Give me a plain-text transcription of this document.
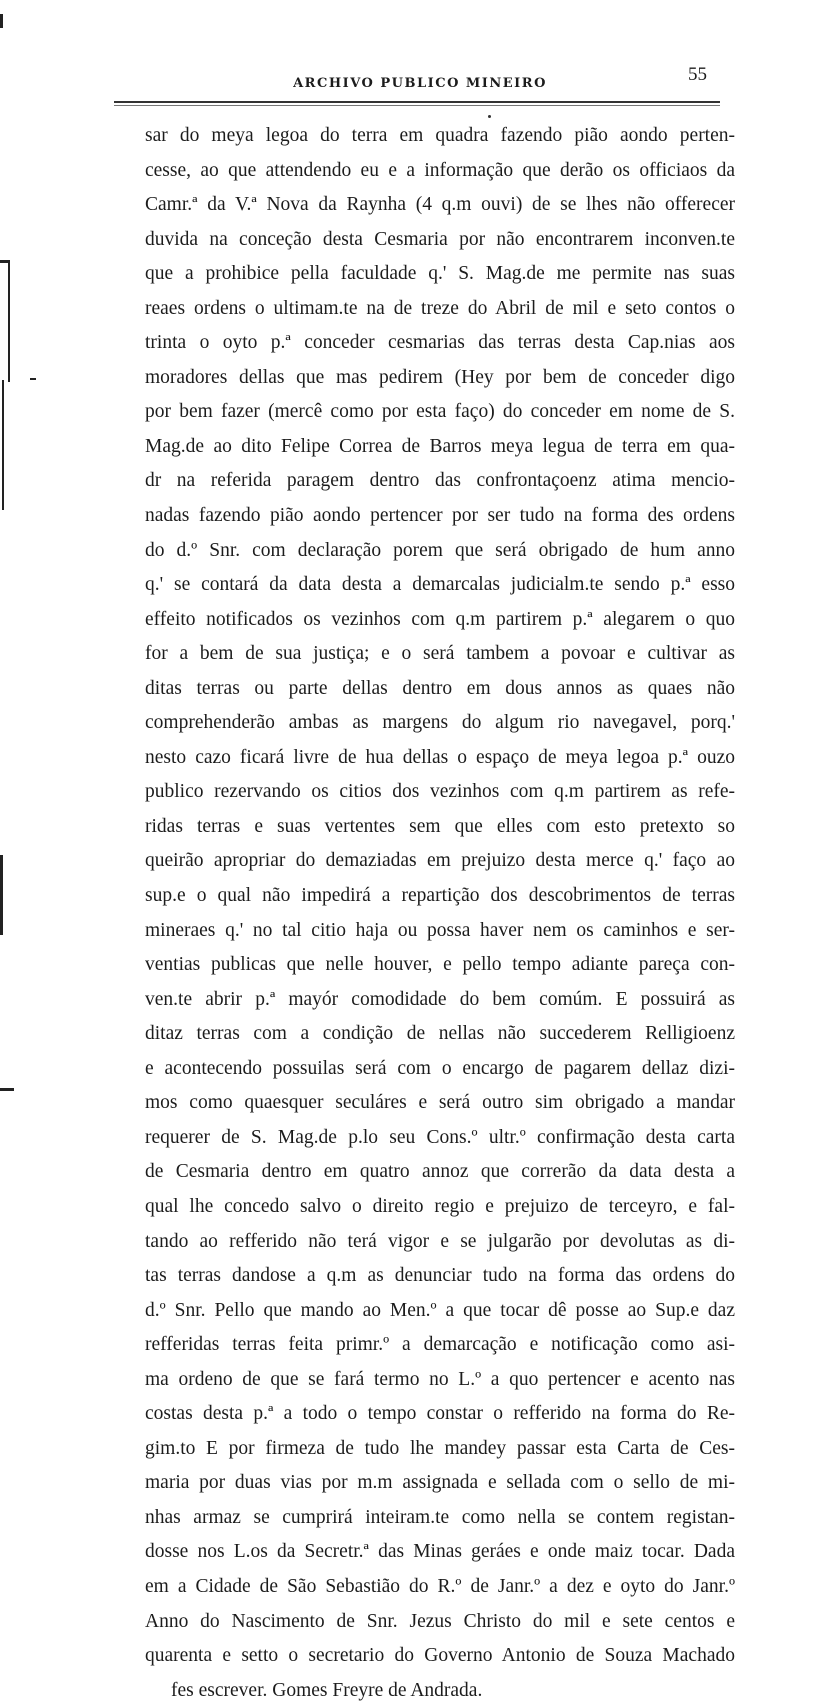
ARCHIVO PUBLICO MINEIRO	55
sar do meya legoa do terra em quadra fazendo pião aondo perten-
cesse, ao que attendendo eu e a informação que derão os officiaos da
Camr.ª da V.ª Nova da Raynha (4 q.m ouvi) de se lhes não offerecer
duvida na conceção desta Cesmaria por não encontrarem inconven.te
que a prohibice pella faculdade q.' S. Mag.de me permite nas suas
reaes ordens o ultimam.te na de treze do Abril de mil e seto contos o
trinta o oyto p.ª conceder cesmarias das terras desta Cap.nias aos
moradores dellas que mas pedirem (Hey por bem de conceder digo
por bem fazer (mercê como por esta faço) do conceder em nome de S.
Mag.de ao dito Felipe Correa de Barros meya legua de terra em qua-
dr na referida paragem dentro das confrontaçoenz atima mencio-
nadas fazendo pião aondo pertencer por ser tudo na forma des ordens
do d.º Snr. com declaração porem que será obrigado de hum anno
q.' se contará da data desta a demarcalas judicialm.te sendo p.ª esso
effeito notificados os vezinhos com q.m partirem p.ª alegarem o quo
for a bem de sua justiça; e o será tambem a povoar e cultivar as
ditas terras ou parte dellas dentro em dous annos as quaes não
comprehenderão ambas as margens do algum rio navegavel, porq.'
nesto cazo ficará livre de hua dellas o espaço de meya legoa p.ª ouzo
publico rezervando os citios dos vezinhos com q.m partirem as refe-
ridas terras e suas vertentes sem que elles com esto pretexto so
queirão apropriar do demaziadas em prejuizo desta merce q.' faço ao
sup.e o qual não impedirá a repartição dos descobrimentos de terras
mineraes q.' no tal citio haja ou possa haver nem os caminhos e ser-
ventias publicas que nelle houver, e pello tempo adiante pareça con-
ven.te abrir p.ª mayór comodidade do bem comúm. E possuirá as
ditaz terras com a condição de nellas não succederem Relligioenz
e acontecendo possuilas será com o encargo de pagarem dellaz dizi-
mos como quaesquer seculáres e será outro sim obrigado a mandar
requerer de S. Mag.de p.lo seu Cons.º ultr.º confirmação desta carta
de Cesmaria dentro em quatro annoz que correrão da data desta a
qual lhe concedo salvo o direito regio e prejuizo de terceyro, e fal-
tando ao refferido não terá vigor e se julgarão por devolutas as di-
tas terras dandose a q.m as denunciar tudo na forma das ordens do
d.º Snr. Pello que mando ao Men.º a que tocar dê posse ao Sup.e daz
refferidas terras feita primr.º a demarcação e notificação como asi-
ma ordeno de que se fará termo no L.º a quo pertencer e acento nas
costas desta p.ª a todo o tempo constar o refferido na forma do Re-
gim.to E por firmeza de tudo lhe mandey passar esta Carta de Ces-
maria por duas vias por m.m assignada e sellada com o sello de mi-
nhas armaz se cumprirá inteiram.te como nella se contem registan-
dosse nos L.os da Secretr.ª das Minas geráes e onde maiz tocar. Dada
em a Cidade de São Sebastião do R.º de Janr.º a dez e oyto do Janr.º
Anno do Nascimento de Snr. Jezus Christo do mil e sete centos e
quarenta e setto o secretario do Governo Antonio de Souza Machado
fes escrever. Gomes Freyre de Andrada.
